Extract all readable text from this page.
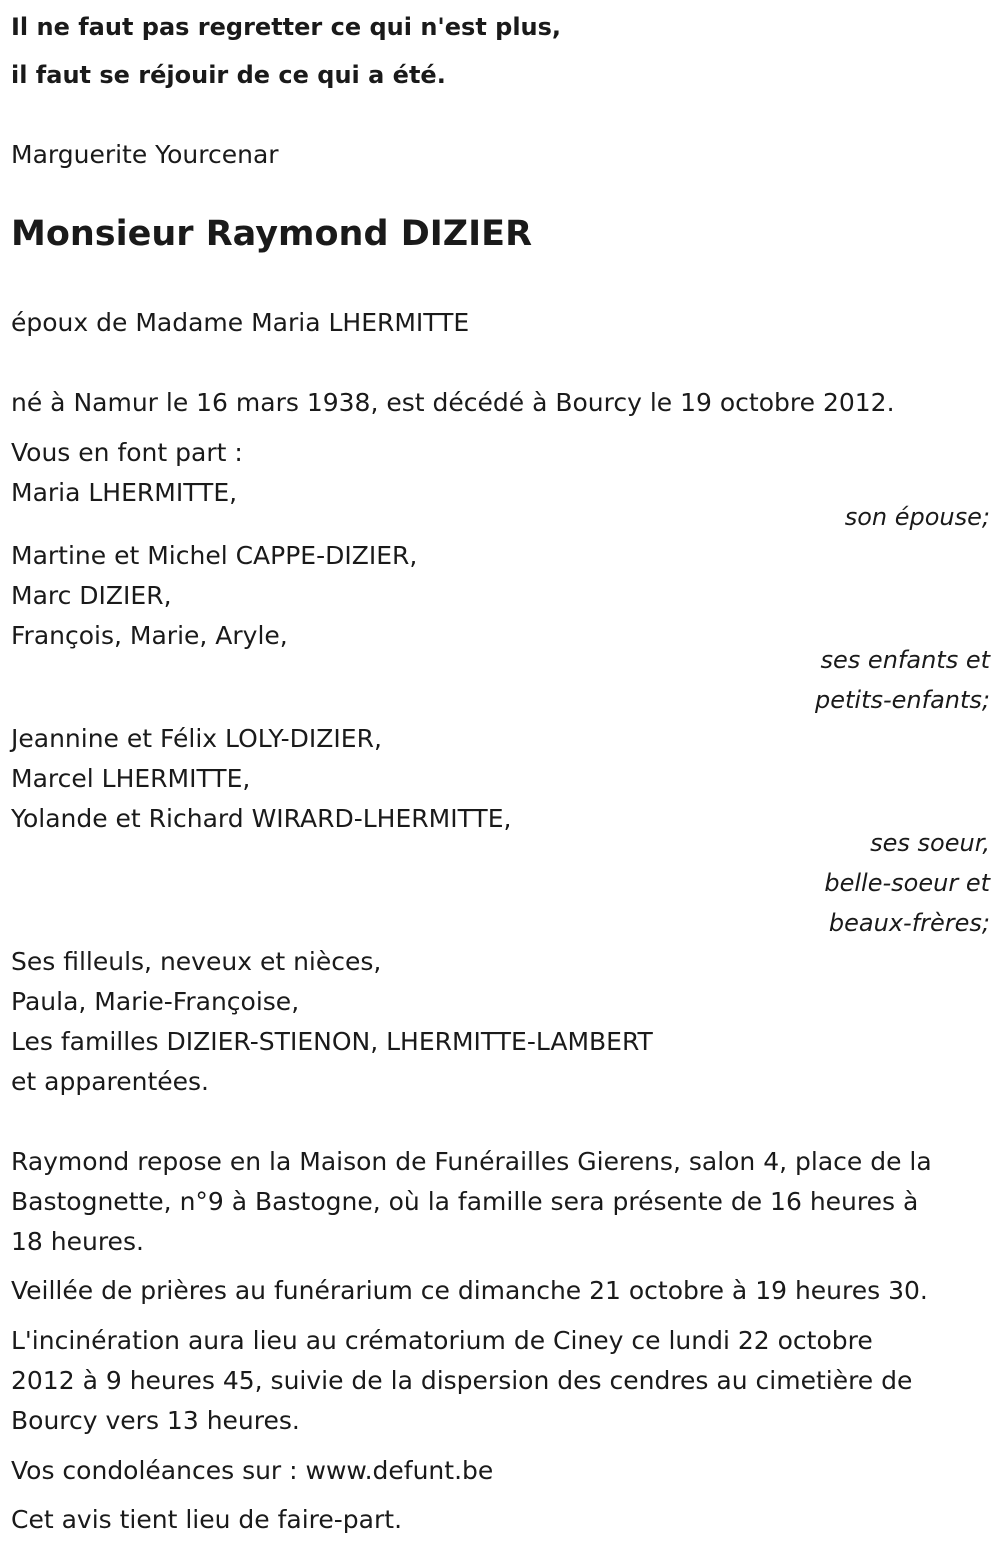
Il ne faut pas regretter ce qui n'est plus,
il faut se réjouir de ce qui a été.
Marguerite Yourcenar
Monsieur Raymond DIZIER
époux de Madame Maria LHERMITTE
né à Namur le 16 mars 1938, est décédé à Bourcy le 19 octobre 2012.
Vous en font part :
Maria LHERMITTE,
son épouse;
Martine et Michel CAPPE-DIZIER,
Marc DIZIER,
François, Marie, Aryle,
ses enfants et
petits-enfants;
Jeannine et Félix LOLY-DIZIER,
Marcel LHERMITTE,
Yolande et Richard WIRARD-LHERMITTE,
ses soeur,
belle-soeur et
beaux-frères;
Ses filleuls, neveux et nièces,
Paula, Marie-Françoise,
Les familles DIZIER-STIENON, LHERMITTE-LAMBERT
et apparentées.
Raymond repose en la Maison de Funérailles Gierens, salon 4, place de la
Bastognette, n°9 à Bastogne, où la famille sera présente de 16 heures à
18 heures.
Veillée de prières au funérarium ce dimanche 21 octobre à 19 heures 30.
L'incinération aura lieu au crématorium de Ciney ce lundi 22 octobre
2012 à 9 heures 45, suivie de la dispersion des cendres au cimetière de
Bourcy vers 13 heures.
Vos condoléances sur : www.defunt.be
Cet avis tient lieu de faire-part.
